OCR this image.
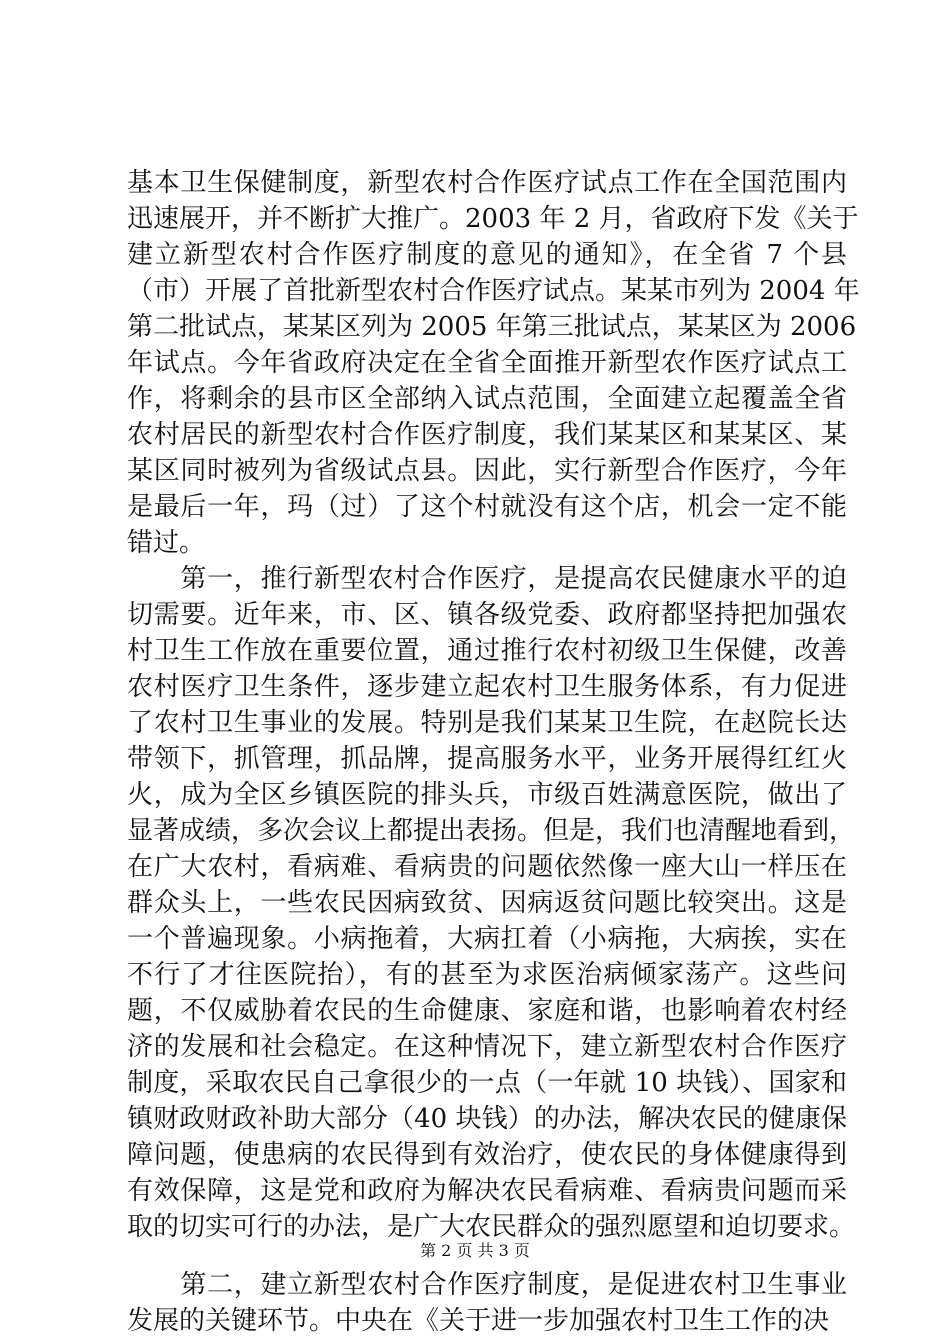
基本卫生保健制度，新型农村合作医疗试点工作在全国范围内
迅速展开，并不断扩大推广。2003 年 2 月，省政府下发《关于
建立新型农村合作医疗制度的意见的通知》，在全省 7 个县
（市）开展了首批新型农村合作医疗试点。某某市列为 2004 年
第二批试点，某某区列为 2005 年第三批试点，某某区为 2006
年试点。今年省政府决定在全省全面推开新型农作医疗试点工
作，将剩余的县市区全部纳入试点范围，全面建立起覆盖全省
农村居民的新型农村合作医疗制度，我们某某区和某某区、某
某区同时被列为省级试点县。因此，实行新型合作医疗，今年
是最后一年，玛（过）了这个村就没有这个店，机会一定不能
错过。
　　第一，推行新型农村合作医疗，是提高农民健康水平的迫
切需要。近年来，市、区、镇各级党委、政府都坚持把加强农
村卫生工作放在重要位置，通过推行农村初级卫生保健，改善
农村医疗卫生条件，逐步建立起农村卫生服务体系，有力促进
了农村卫生事业的发展。特别是我们某某卫生院，在赵院长达
带领下，抓管理，抓品牌，提高服务水平，业务开展得红红火
火，成为全区乡镇医院的排头兵，市级百姓满意医院，做出了
显著成绩，多次会议上都提出表扬。但是，我们也清醒地看到，
在广大农村，看病难、看病贵的问题依然像一座大山一样压在
群众头上，一些农民因病致贫、因病返贫问题比较突出。这是
一个普遍现象。小病拖着，大病扛着（小病拖，大病挨，实在
不行了才往医院抬），有的甚至为求医治病倾家荡产。这些问
题，不仅威胁着农民的生命健康、家庭和谐，也影响着农村经
济的发展和社会稳定。在这种情况下，建立新型农村合作医疗
制度，采取农民自己拿很少的一点（一年就 10 块钱）、国家和
镇财政财政补助大部分（40 块钱）的办法，解决农民的健康保
障问题，使患病的农民得到有效治疗，使农民的身体健康得到
有效保障，这是党和政府为解决农民看病难、看病贵问题而采
取的切实可行的办法，是广大农民群众的强烈愿望和迫切要求。
　　第二，建立新型农村合作医疗制度，是促进农村卫生事业
发展的关键环节。中央在《关于进一步加强农村卫生工作的决
第 2 页 共 3 页
